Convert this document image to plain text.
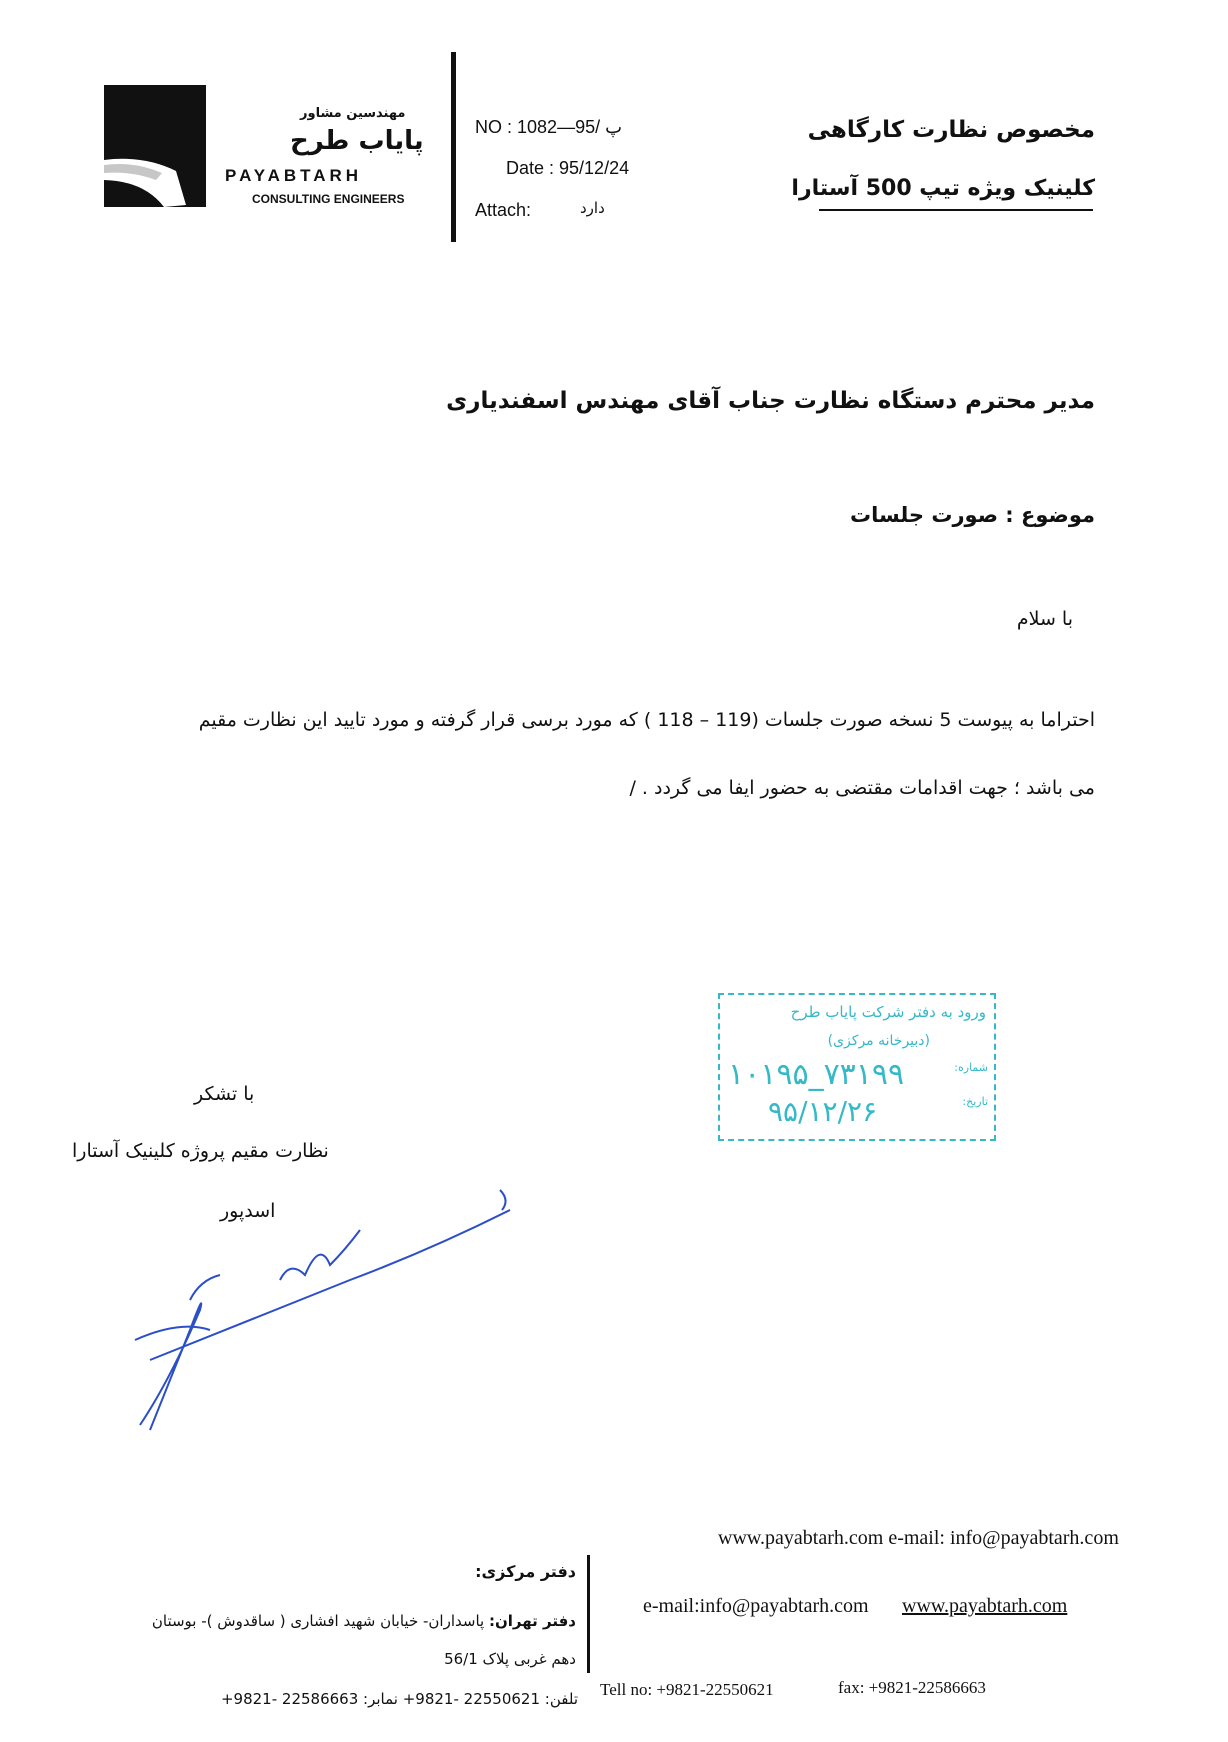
مهندسین مشاور
پایاب طرح
PAYABTARH
CONSULTING ENGINEERS
NO : پ /95—1082
Date : 95/12/24
Attach:	دارد
مخصوص نظارت کارگاهی
کلینیک ویژه تیپ 500 آستارا
مدیر محترم دستگاه نظارت جناب آقای مهندس اسفندیاری
موضوع : صورت جلسات
با سلام
احتراما به پیوست 5 نسخه صورت جلسات (119 – 118 ) که مورد برسی قرار گرفته و مورد تایید این نظارت مقیم
می باشد ؛ جهت اقدامات مقتضی به حضور ایفا می گردد . /
ورود به دفتر شرکت پایاب طرح
(دبیرخانه مرکزی)
شماره:
تاریخ:
۱۰۱۹۵_۷۳۱۹۹
۹۵/۱۲/۲۶
با تشکر
نظارت مقیم پروژه کلینیک آستارا
اسدپور
www.payabtarh.com e-mail: info@payabtarh.com
دفتر مرکزی:
e-mail:info@payabtarh.com www.payabtarh.com
دفتر تهران: پاسداران- خیابان شهید افشاری ( ساقدوش )- بوستان
دهم غربی پلاک 56/1
تلفن: 22550621 -9821+ نمابر: 22586663 -9821+ Tell no: +9821-22550621	fax: +9821-22586663
